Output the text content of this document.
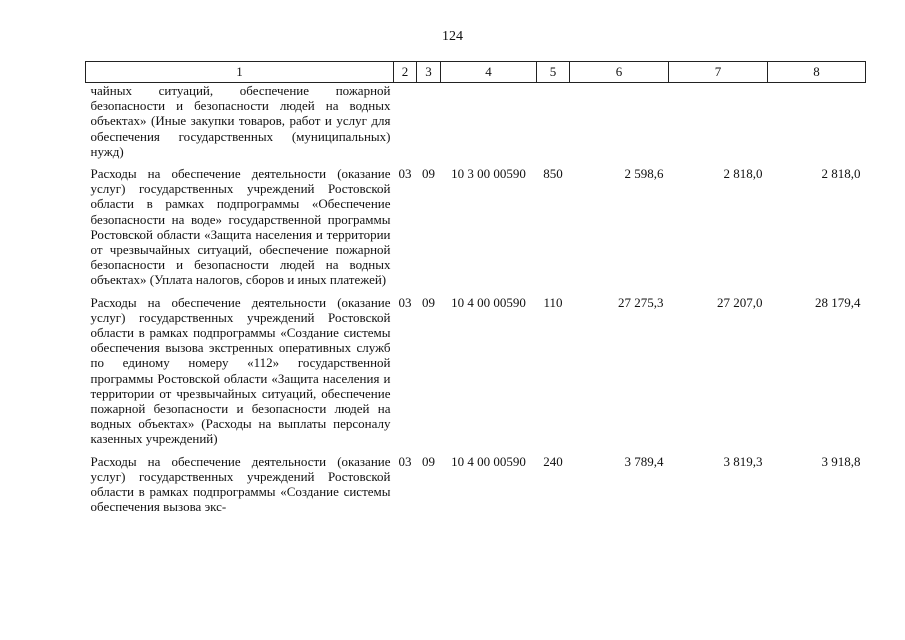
124
1	2	3	4	5	6	7	8
чайных ситуаций, обеспечение пожарной безопасности и безопасности людей на водных объектах» (Иные закупки товаров, работ и услуг для обеспечения государственных (муниципальных) нужд)							
Расходы на обеспечение деятельности (оказание услуг) государственных учреждений Ростовской области в рамках подпрограммы «Обеспечение безопасности на воде» государственной программы Ростовской области «Защита населения и территории от чрезвычайных ситуаций, обеспечение пожарной безопасности и безопасности людей на водных объектах» (Уплата налогов, сборов и иных платежей)	03	09	10 3 00 00590	850	2 598,6	2 818,0	2 818,0
Расходы на обеспечение деятельности (оказание услуг) государственных учреждений Ростовской области в рамках подпрограммы «Создание системы обеспечения вызова экстренных оперативных служб по единому номеру «112» государственной программы Ростовской области «Защита населения и территории от чрезвычайных ситуаций, обеспечение пожарной безопасности и безопасности людей на водных объектах» (Расходы на выплаты персоналу казенных учреждений)	03	09	10 4 00 00590	110	27 275,3	27 207,0	28 179,4
Расходы на обеспечение деятельности (оказание услуг) государственных учреждений Ростовской области в рамках подпрограммы «Создание системы обеспечения вызова экс-	03	09	10 4 00 00590	240	3 789,4	3 819,3	3 918,8
